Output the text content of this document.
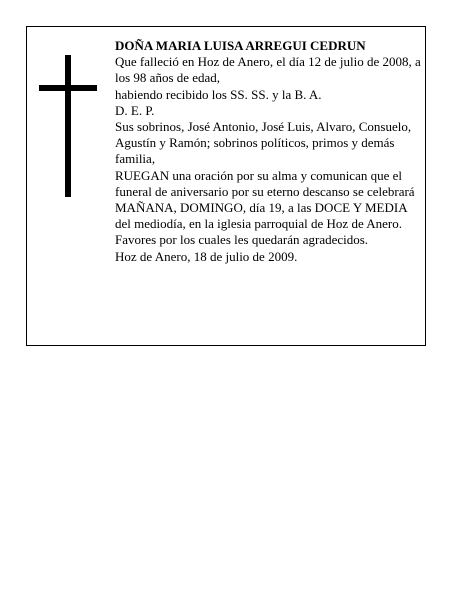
DOÑA MARIA LUISA ARREGUI CEDRUN

Que falleció en Hoz de Anero, el día 12 de julio de 2008, a los 98 años de edad,

habiendo recibido los SS. SS. y la B. A.

D. E. P.

Sus sobrinos, José Antonio, José Luis, Alvaro, Consuelo, Agustín y Ramón; sobrinos políticos, primos y demás familia,

RUEGAN una oración por su alma y comunican que el funeral de aniversario por su eterno descanso se celebrará MAÑANA, DOMINGO, día 19, a las DOCE Y MEDIA del mediodía, en la iglesia parroquial de Hoz de Anero. Favores por los cuales les quedarán agradecidos.

Hoz de Anero, 18 de julio de 2009.
